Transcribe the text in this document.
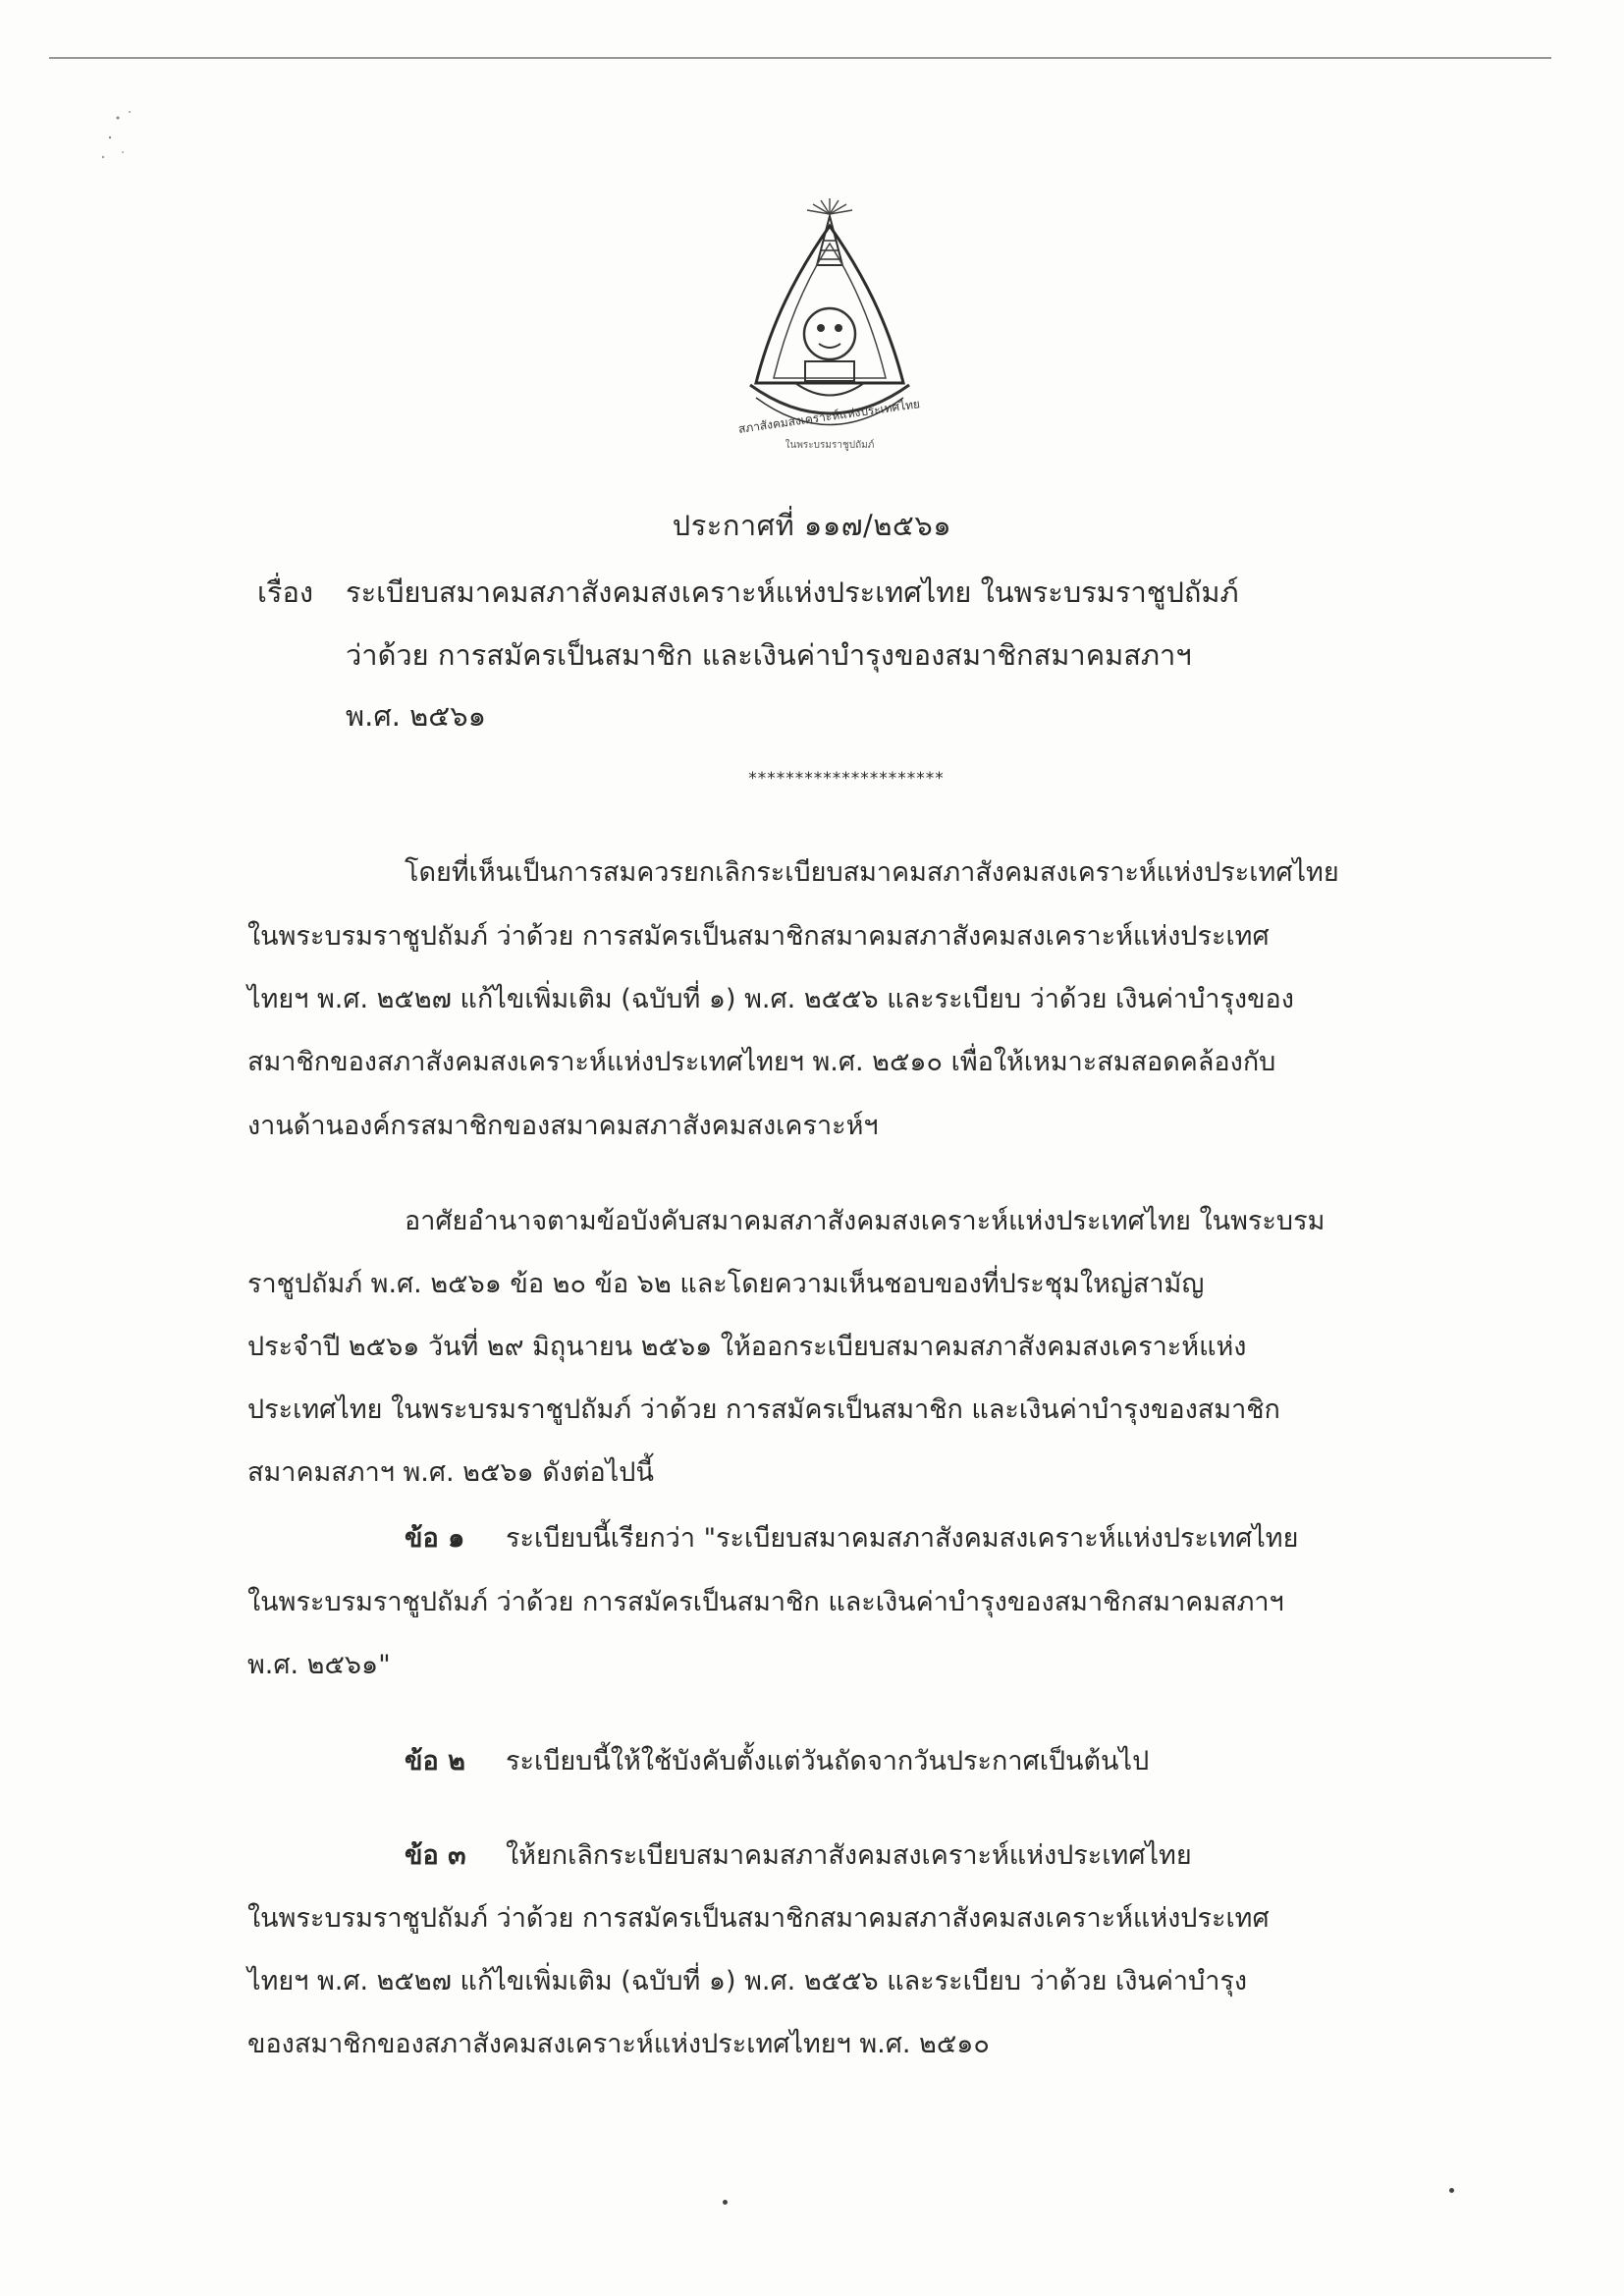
สภาสังคมสงเคราะห์แห่งประเทศไทย
ในพระบรมราชูปถัมภ์
ประกาศที่ ๑๑๗/๒๕๖๑
เรื่อง ระเบียบสมาคมสภาสังคมสงเคราะห์แห่งประเทศไทย ในพระบรมราชูปถัมภ์
ว่าด้วย การสมัครเป็นสมาชิก และเงินค่าบำรุงของสมาชิกสมาคมสภาฯ
พ.ศ. ๒๕๖๑
*********************
โดยที่เห็นเป็นการสมควรยกเลิกระเบียบสมาคมสภาสังคมสงเคราะห์แห่งประเทศไทย
ในพระบรมราชูปถัมภ์ ว่าด้วย การสมัครเป็นสมาชิกสมาคมสภาสังคมสงเคราะห์แห่งประเทศ
ไทยฯ พ.ศ. ๒๕๒๗ แก้ไขเพิ่มเติม (ฉบับที่ ๑) พ.ศ. ๒๕๕๖ และระเบียบ ว่าด้วย เงินค่าบำรุงของ
สมาชิกของสภาสังคมสงเคราะห์แห่งประเทศไทยฯ พ.ศ. ๒๕๑๐ เพื่อให้เหมาะสมสอดคล้องกับ
งานด้านองค์กรสมาชิกของสมาคมสภาสังคมสงเคราะห์ฯ
อาศัยอำนาจตามข้อบังคับสมาคมสภาสังคมสงเคราะห์แห่งประเทศไทย ในพระบรม
ราชูปถัมภ์ พ.ศ. ๒๕๖๑ ข้อ ๒๐ ข้อ ๖๒ และโดยความเห็นชอบของที่ประชุมใหญ่สามัญ
ประจำปี ๒๕๖๑ วันที่ ๒๙ มิถุนายน ๒๕๖๑ ให้ออกระเบียบสมาคมสภาสังคมสงเคราะห์แห่ง
ประเทศไทย ในพระบรมราชูปถัมภ์ ว่าด้วย การสมัครเป็นสมาชิก และเงินค่าบำรุงของสมาชิก
สมาคมสภาฯ พ.ศ. ๒๕๖๑ ดังต่อไปนี้
ข้อ ๑ ระเบียบนี้เรียกว่า "ระเบียบสมาคมสภาสังคมสงเคราะห์แห่งประเทศไทย
ในพระบรมราชูปถัมภ์ ว่าด้วย การสมัครเป็นสมาชิก และเงินค่าบำรุงของสมาชิกสมาคมสภาฯ
พ.ศ. ๒๕๖๑"
ข้อ ๒ ระเบียบนี้ให้ใช้บังคับตั้งแต่วันถัดจากวันประกาศเป็นต้นไป
ข้อ ๓ ให้ยกเลิกระเบียบสมาคมสภาสังคมสงเคราะห์แห่งประเทศไทย
ในพระบรมราชูปถัมภ์ ว่าด้วย การสมัครเป็นสมาชิกสมาคมสภาสังคมสงเคราะห์แห่งประเทศ
ไทยฯ พ.ศ. ๒๕๒๗ แก้ไขเพิ่มเติม (ฉบับที่ ๑) พ.ศ. ๒๕๕๖ และระเบียบ ว่าด้วย เงินค่าบำรุง
ของสมาชิกของสภาสังคมสงเคราะห์แห่งประเทศไทยฯ พ.ศ. ๒๕๑๐
